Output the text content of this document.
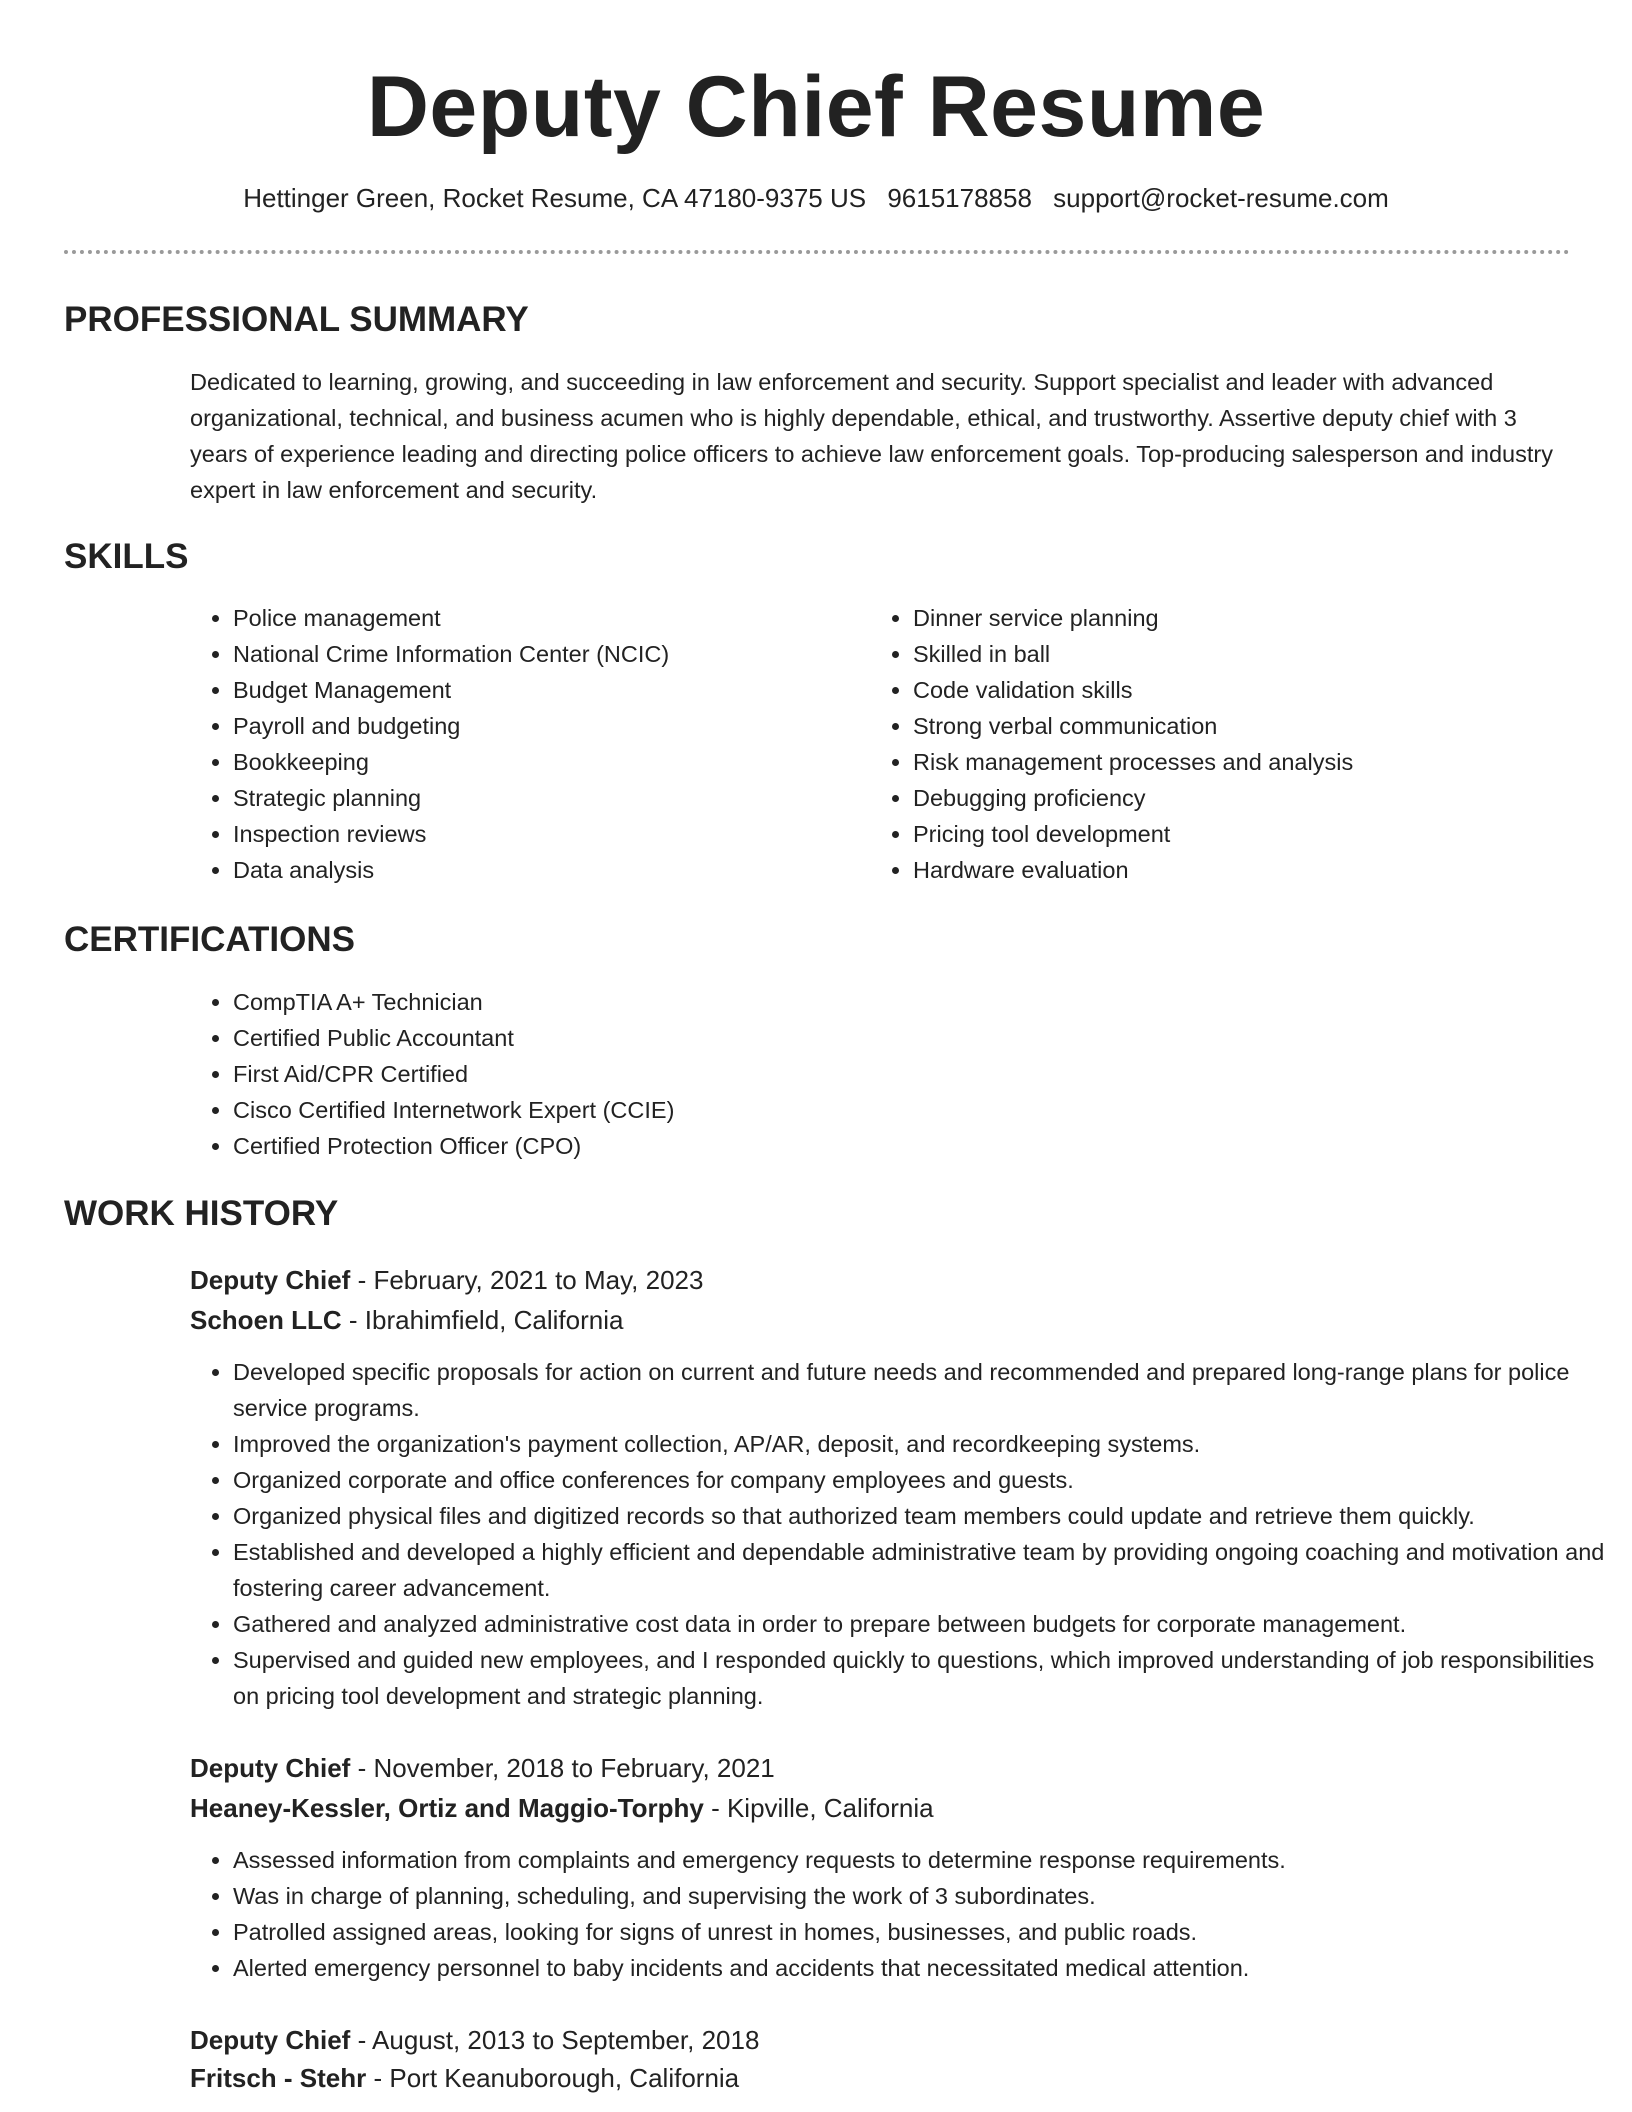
Deputy Chief Resume
Hettinger Green, Rocket Resume, CA 47180-9375 US 9615178858 support@rocket-resume.com
PROFESSIONAL SUMMARY

Dedicated to learning, growing, and succeeding in law enforcement and security. Support specialist and leader with advanced organizational, technical, and business acumen who is highly dependable, ethical, and trustworthy. Assertive deputy chief with 3 years of experience leading and directing police officers to achieve law enforcement goals. Top-producing salesperson and industry expert in law enforcement and security.

SKILLS
• Police management
• National Crime Information Center (NCIC)
• Budget Management
• Payroll and budgeting
• Bookkeeping
• Strategic planning
• Inspection reviews
• Data analysis
• Dinner service planning
• Skilled in ball
• Code validation skills
• Strong verbal communication
• Risk management processes and analysis
• Debugging proficiency
• Pricing tool development
• Hardware evaluation
CERTIFICATIONS
• CompTIA A+ Technician
• Certified Public Accountant
• First Aid/CPR Certified
• Cisco Certified Internetwork Expert (CCIE)
• Certified Protection Officer (CPO)
WORK HISTORY
Deputy Chief - February, 2021 to May, 2023
Schoen LLC - Ibrahimfield, California
• Developed specific proposals for action on current and future needs and recommended and prepared long-range plans for police service programs.
• Improved the organization's payment collection, AP/AR, deposit, and recordkeeping systems.
• Organized corporate and office conferences for company employees and guests.
• Organized physical files and digitized records so that authorized team members could update and retrieve them quickly.
• Established and developed a highly efficient and dependable administrative team by providing ongoing coaching and motivation and fostering career advancement.
• Gathered and analyzed administrative cost data in order to prepare between budgets for corporate management.
• Supervised and guided new employees, and I responded quickly to questions, which improved understanding of job responsibilities on pricing tool development and strategic planning.
Deputy Chief - November, 2018 to February, 2021
Heaney-Kessler, Ortiz and Maggio-Torphy - Kipville, California
• Assessed information from complaints and emergency requests to determine response requirements.
• Was in charge of planning, scheduling, and supervising the work of 3 subordinates.
• Patrolled assigned areas, looking for signs of unrest in homes, businesses, and public roads.
• Alerted emergency personnel to baby incidents and accidents that necessitated medical attention.
Deputy Chief - August, 2013 to September, 2018
Fritsch - Stehr - Port Keanuborough, California
